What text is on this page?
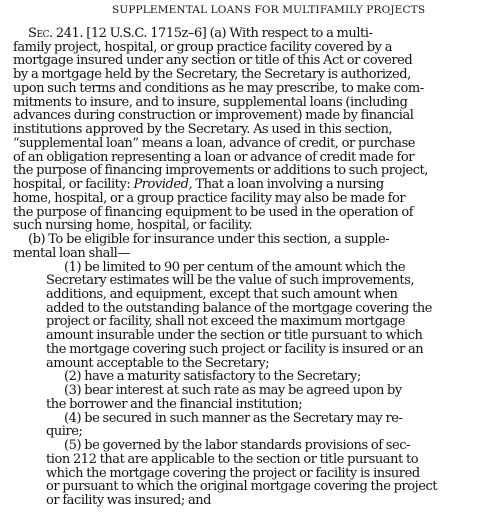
SUPPLEMENTAL LOANS FOR MULTIFAMILY PROJECTS
Sec. 241. [12 U.S.C. 1715z–6] (a) With respect to a multi-
family project, hospital, or group practice facility covered by a
mortgage insured under any section or title of this Act or covered
by a mortgage held by the Secretary, the Secretary is authorized,
upon such terms and conditions as he may prescribe, to make com-
mitments to insure, and to insure, supplemental loans (including
advances during construction or improvement) made by financial
institutions approved by the Secretary. As used in this section,
“supplemental loan” means a loan, advance of credit, or purchase
of an obligation representing a loan or advance of credit made for
the purpose of financing improvements or additions to such project,
hospital, or facility: Provided, That a loan involving a nursing
home, hospital, or a group practice facility may also be made for
the purpose of financing equipment to be used in the operation of
such nursing home, hospital, or facility.
(b) To be eligible for insurance under this section, a supple-
mental loan shall—
(1) be limited to 90 per centum of the amount which the
Secretary estimates will be the value of such improvements,
additions, and equipment, except that such amount when
added to the outstanding balance of the mortgage covering the
project or facility, shall not exceed the maximum mortgage
amount insurable under the section or title pursuant to which
the mortgage covering such project or facility is insured or an
amount acceptable to the Secretary;
(2) have a maturity satisfactory to the Secretary;
(3) bear interest at such rate as may be agreed upon by
the borrower and the financial institution;
(4) be secured in such manner as the Secretary may re-
quire;
(5) be governed by the labor standards provisions of sec-
tion 212 that are applicable to the section or title pursuant to
which the mortgage covering the project or facility is insured
or pursuant to which the original mortgage covering the project
or facility was insured; and
